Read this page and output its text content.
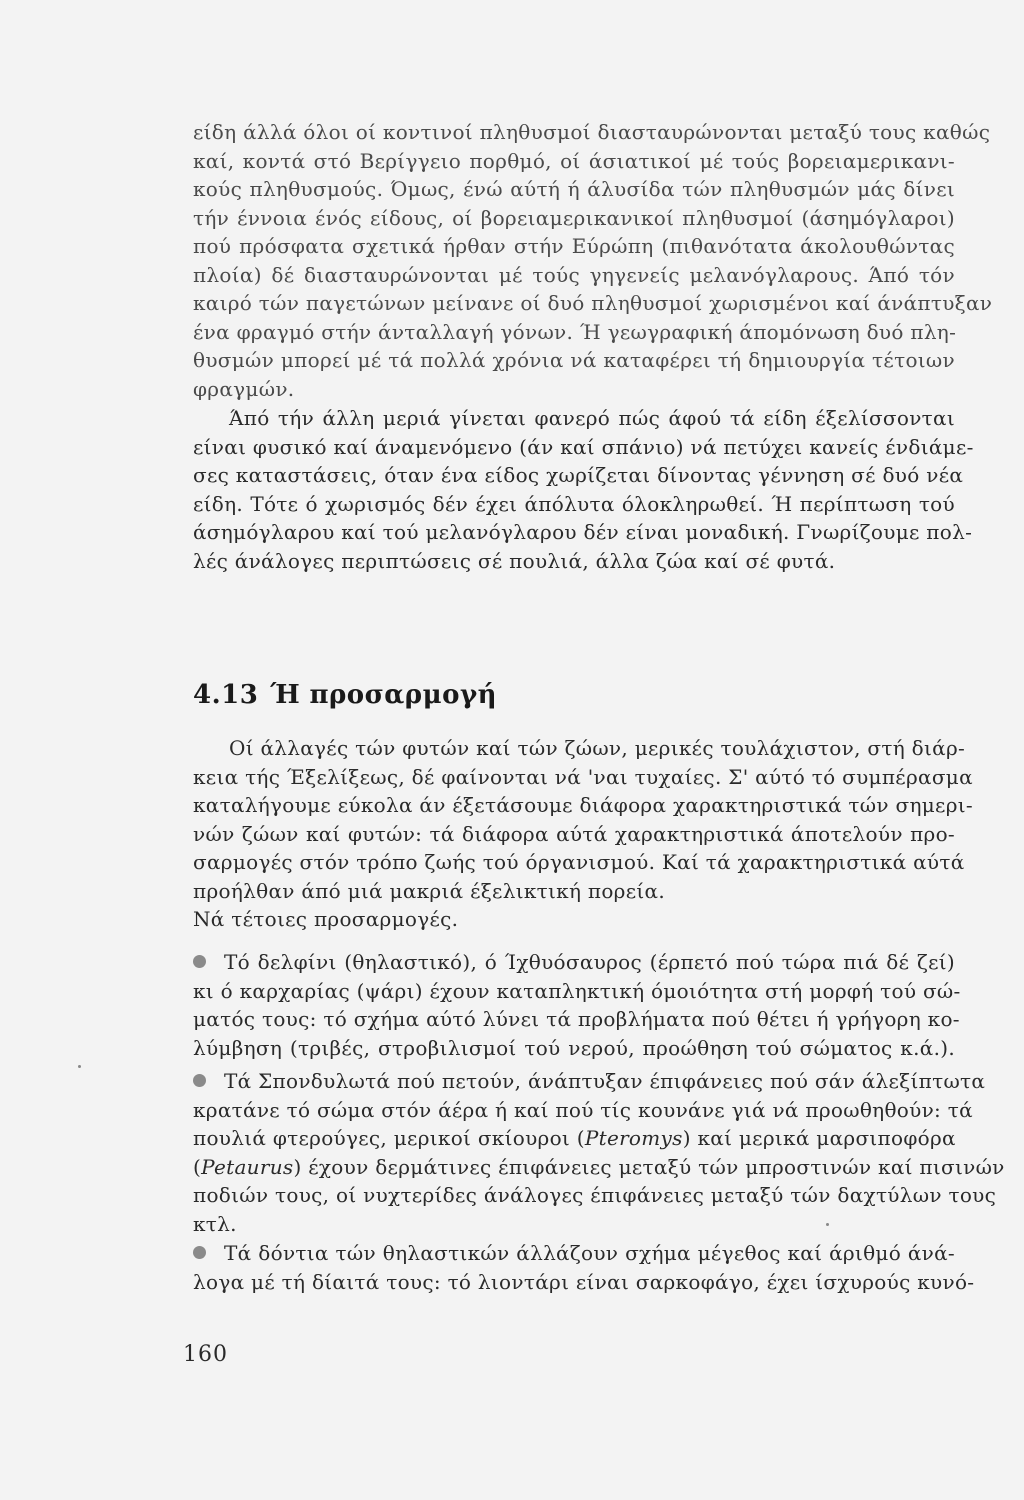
είδη άλλά όλοι οί κοντινοί πληθυσμοί διασταυρώνονται μεταξύ τους καθώς
καί, κοντά στό Βερίγγειο πορθμό, οί άσιατικοί μέ τούς βορειαμερικανι-
κούς πληθυσμούς. Όμως, ένώ αύτή ή άλυσίδα τών πληθυσμών μάς δίνει
τήν έννοια ένός είδους, οί βορειαμερικανικοί πληθυσμοί (άσημόγλαροι)
πού πρόσφατα σχετικά ήρθαν στήν Εύρώπη (πιθανότατα άκολουθώντας
πλοία) δέ διασταυρώνονται μέ τούς γηγενείς μελανόγλαρους. Άπό τόν
καιρό τών παγετώνων μείνανε οί δυό πληθυσμοί χωρισμένοι καί άνάπτυξαν
ένα φραγμό στήν άνταλλαγή γόνων. Ή γεωγραφική άπομόνωση δυό πλη-
θυσμών μπορεί μέ τά πολλά χρόνια νά καταφέρει τή δημιουργία τέτοιων
φραγμών.
Άπό τήν άλλη μεριά γίνεται φανερό πώς άφού τά είδη έξελίσσονται
είναι φυσικό καί άναμενόμενο (άν καί σπάνιο) νά πετύχει κανείς ένδιάμε-
σες καταστάσεις, όταν ένα είδος χωρίζεται δίνοντας γέννηση σέ δυό νέα
είδη. Τότε ό χωρισμός δέν έχει άπόλυτα όλοκληρωθεί. Ή περίπτωση τού
άσημόγλαρου καί τού μελανόγλαρου δέν είναι μοναδική. Γνωρίζουμε πολ-
λές άνάλογες περιπτώσεις σέ πουλιά, άλλα ζώα καί σέ φυτά.
4.13 Ή προσαρμογή
Οί άλλαγές τών φυτών καί τών ζώων, μερικές τουλάχιστον, στή διάρ-
κεια τής Έξελίξεως, δέ φαίνονται νά 'ναι τυχαίες. Σ' αύτό τό συμπέρασμα
καταλήγουμε εύκολα άν έξετάσουμε διάφορα χαρακτηριστικά τών σημερι-
νών ζώων καί φυτών: τά διάφορα αύτά χαρακτηριστικά άποτελούν προ-
σαρμογές στόν τρόπο ζωής τού όργανισμού. Καί τά χαρακτηριστικά αύτά
προήλθαν άπό μιά μακριά έξελικτική πορεία.
Νά τέτοιες προσαρμογές.
Τό δελφίνι (θηλαστικό), ό Ίχθυόσαυρος (έρπετό πού τώρα πιά δέ ζεί)
κι ό καρχαρίας (ψάρι) έχουν καταπληκτική όμοιότητα στή μορφή τού σώ-
ματός τους: τό σχήμα αύτό λύνει τά προβλήματα πού θέτει ή γρήγορη κο-
λύμβηση (τριβές, στροβιλισμοί τού νερού, προώθηση τού σώματος κ.ά.).
Τά Σπονδυλωτά πού πετούν, άνάπτυξαν έπιφάνειες πού σάν άλεξίπτωτα
κρατάνε τό σώμα στόν άέρα ή καί πού τίς κουνάνε γιά νά προωθηθούν: τά
πουλιά φτερούγες, μερικοί σκίουροι (Pteromys) καί μερικά μαρσιποφόρα
(Petaurus) έχουν δερμάτινες έπιφάνειες μεταξύ τών μπροστινών καί πισινών
ποδιών τους, οί νυχτερίδες άνάλογες έπιφάνειες μεταξύ τών δαχτύλων τους
κτλ.
Τά δόντια τών θηλαστικών άλλάζουν σχήμα μέγεθος καί άριθμό άνά-
λογα μέ τή δίαιτά τους: τό λιοντάρι είναι σαρκοφάγο, έχει ίσχυρούς κυνό-
160
